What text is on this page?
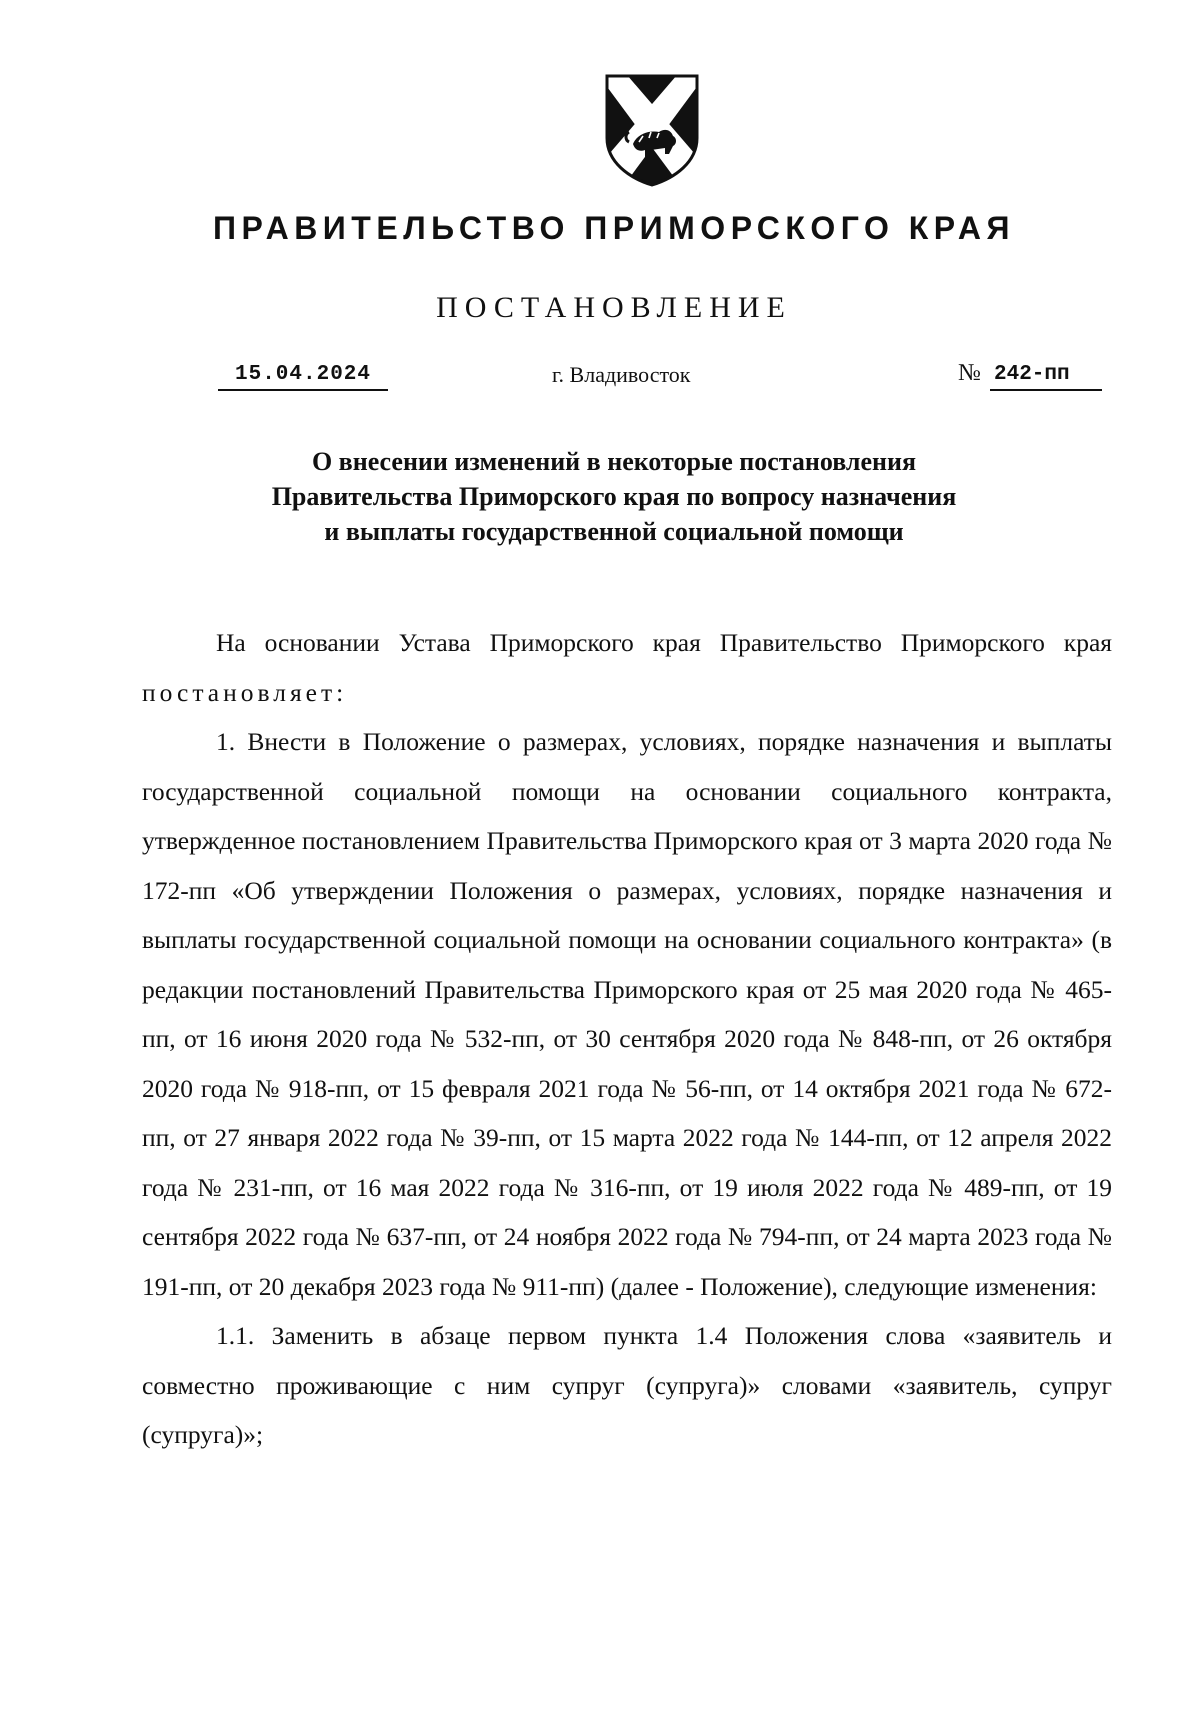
ПРАВИТЕЛЬСТВО ПРИМОРСКОГО КРАЯ
ПОСТАНОВЛЕНИЕ
15.04.2024	г. Владивосток	№ 242-пп
О внесении изменений в некоторые постановления
Правительства Приморского края по вопросу назначения
и выплаты государственной социальной помощи

На основании Устава Приморского края Правительство Приморского края постановляет:

1. Внести в Положение о размерах, условиях, порядке назначения и выплаты государственной социальной помощи на основании социального контракта, утвержденное постановлением Правительства Приморского края от 3 марта 2020 года № 172-пп «Об утверждении Положения о размерах, условиях, порядке назначения и выплаты государственной социальной помощи на основании социального контракта» (в редакции постановлений Правительства Приморского края от 25 мая 2020 года № 465-пп, от 16 июня 2020 года № 532-пп, от 30 сентября 2020 года № 848-пп, от 26 октября 2020 года № 918-пп, от 15 февраля 2021 года № 56-пп, от 14 октября 2021 года № 672-пп, от 27 января 2022 года № 39-пп, от 15 марта 2022 года № 144-пп, от 12 апреля 2022 года № 231-пп, от 16 мая 2022 года № 316-пп, от 19 июля 2022 года № 489-пп, от 19 сентября 2022 года № 637-пп, от 24 ноября 2022 года № 794-пп, от 24 марта 2023 года № 191-пп, от 20 декабря 2023 года № 911-пп) (далее - Положение), следующие изменения:

1.1. Заменить в абзаце первом пункта 1.4 Положения слова «заявитель и совместно проживающие с ним супруг (супруга)» словами «заявитель, супруг (супруга)»;
